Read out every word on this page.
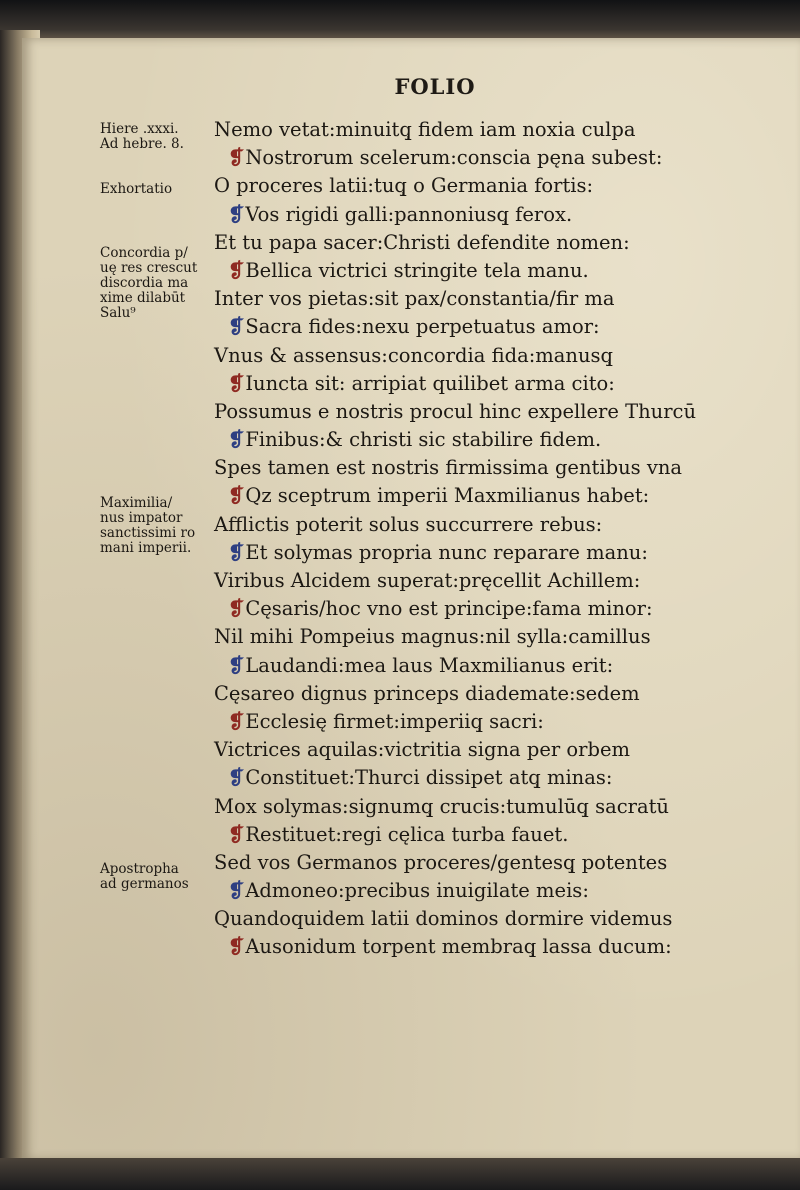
FOLIO
Nemo vetat:minuitq̧ fidem iam noxia culpa
❡Nostrorum scelerum:conscia pęna subest:
O proceres latii:tuq̧ o Germania fortis:
❡Vos rigidi galli:pannoniusq̧ ferox.
Et tu papa sacer:Christi defendite nomen:
❡Bellica victrici stringite tela manu.
Inter vos pietas:sit pax/constantia/fir ma
❡Sacra fides:nexu perpetuatus amor:
Vnus & assensus:concordia fida:manusq̧
❡Iuncta sit: arripiat quilibet arma cito:
Possumus e nostris procul hinc expellere Thurcū
❡Finibus:& christi sic stabilire fidem.
Spes tamen est nostris firmissima gentibus vna
❡Qz sceptrum imperii Maxmilianus habet:
Afflictis poterit solus succurrere rebus:
❡Et solymas propria nunc reparare manu:
Viribus Alcidem superat:pręcellit Achillem:
❡Cęsaris/hoc vno est principe:fama minor:
Nil mihi Pompeius magnus:nil sylla:camillus
❡Laudandi:mea laus Maxmilianus erit:
Cęsareo dignus princeps diademate:sedem
❡Ecclesię firmet:imperiiq̧ sacri:
Victrices aquilas:victritia signa per orbem
❡Constituet:Thurci dissipet atq̧ minas:
Mox solymas:signumq̧ crucis:tumulūq̧ sacratū
❡Restituet:regi cęlica turba fauet.
Sed vos Germanos proceres/gentesq̧ potentes
❡Admoneo:precibus inuigilate meis:
Quandoquidem latii dominos dormire videmus
❡Ausonidum torpent membraq̧ lassa ducum:
Hiere .xxxi.
Ad hebre. 8.
Exhortatio
Concordia p/
uę res crescut
discordia ma
xime dilabūt
Salu⁹
Maximilia/
nus impator
sanctissimi ro
mani imperii.
Apostropha
ad germanos
